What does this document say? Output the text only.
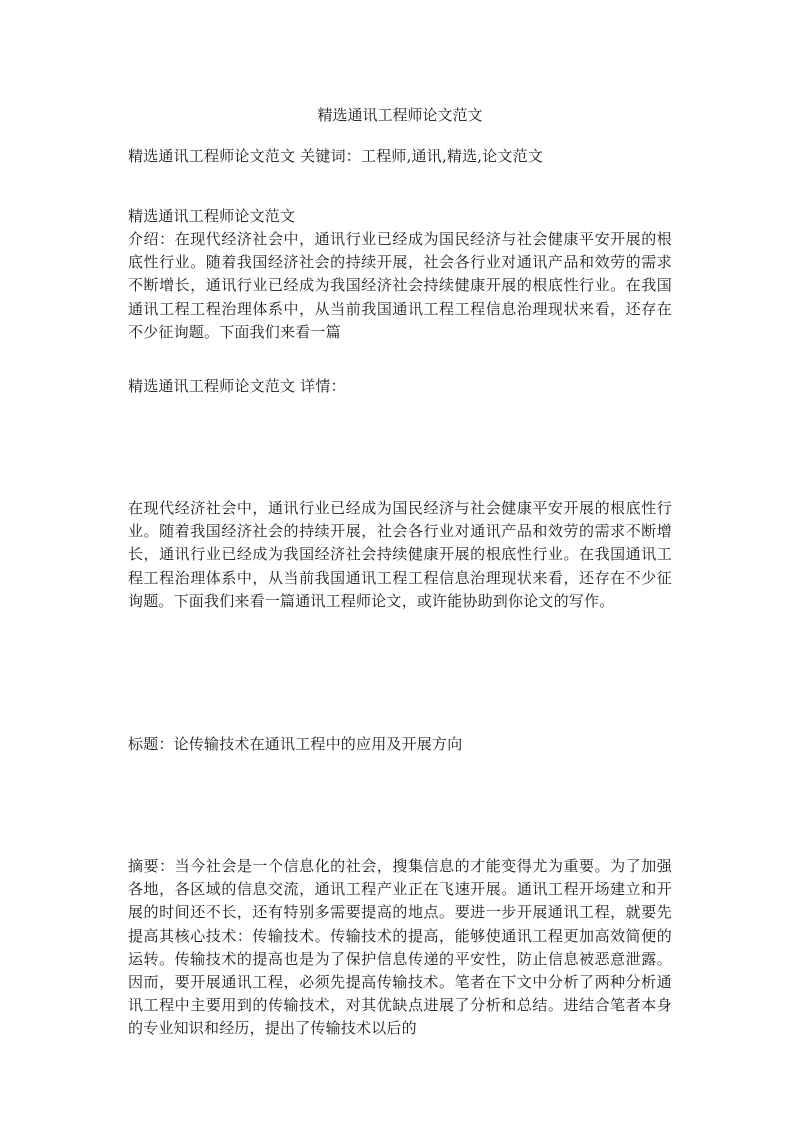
精选通讯工程师论文范文

精选通讯工程师论文范文 关键词：工程师,通讯,精选,论文范文

精选通讯工程师论文范文

介绍：在现代经济社会中，通讯行业已经成为国民经济与社会健康平安开展的根底性行业。随着我国经济社会的持续开展，社会各行业对通讯产品和效劳的需求不断增长，通讯行业已经成为我国经济社会持续健康开展的根底性行业。在我国通讯工程工程治理体系中，从当前我国通讯工程工程信息治理现状来看，还存在不少征询题。下面我们来看一篇

精选通讯工程师论文范文 详情：

在现代经济社会中，通讯行业已经成为国民经济与社会健康平安开展的根底性行业。随着我国经济社会的持续开展，社会各行业对通讯产品和效劳的需求不断增长，通讯行业已经成为我国经济社会持续健康开展的根底性行业。在我国通讯工程工程治理体系中，从当前我国通讯工程工程信息治理现状来看，还存在不少征询题。下面我们来看一篇通讯工程师论文，或许能协助到你论文的写作。

标题：论传输技术在通讯工程中的应用及开展方向

摘要：当今社会是一个信息化的社会，搜集信息的才能变得尤为重要。为了加强各地，各区域的信息交流，通讯工程产业正在飞速开展。通讯工程开场建立和开展的时间还不长，还有特别多需要提高的地点。要进一步开展通讯工程，就要先提高其核心技术：传输技术。传输技术的提高，能够使通讯工程更加高效简便的运转。传输技术的提高也是为了保护信息传递的平安性，防止信息被恶意泄露。因而，要开展通讯工程，必须先提高传输技术。笔者在下文中分析了两种分析通讯工程中主要用到的传输技术，对其优缺点进展了分析和总结。进结合笔者本身的专业知识和经历，提出了传输技术以后的
